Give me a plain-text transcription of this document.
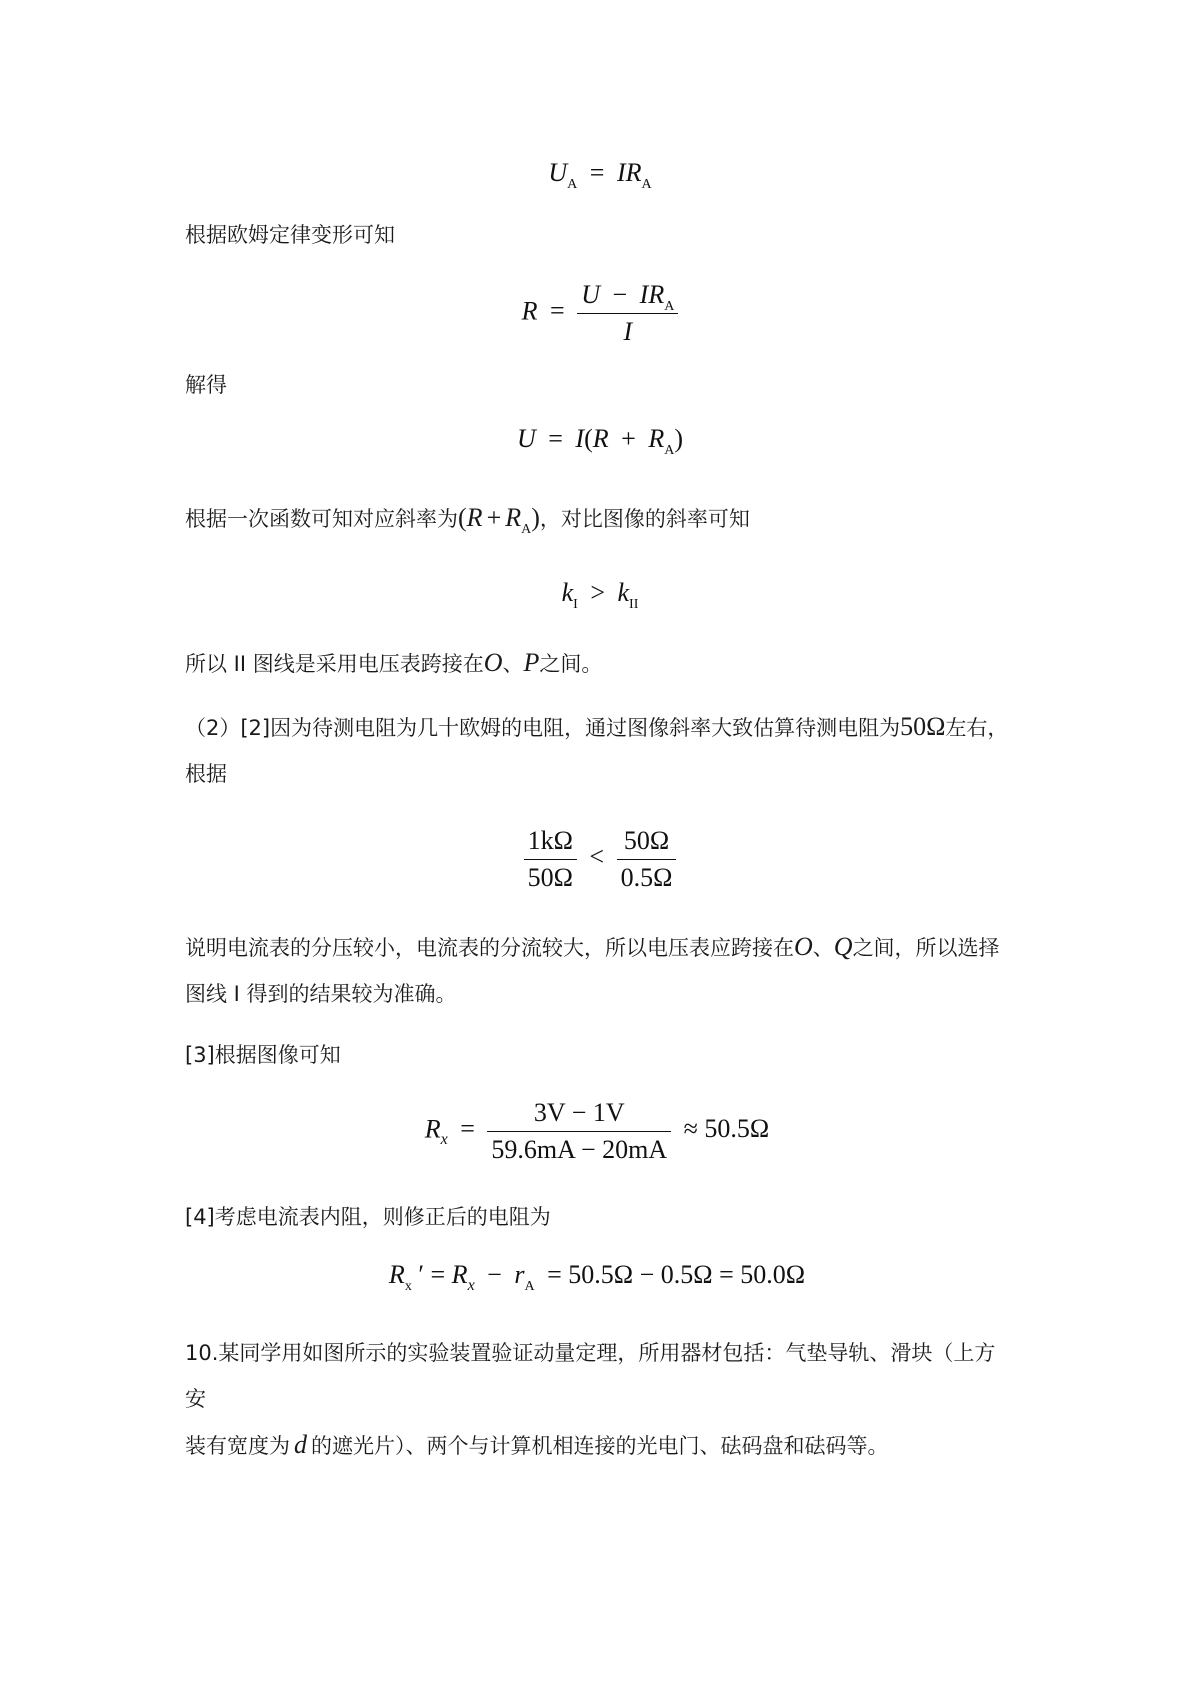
$U_A = IR_A$
根据欧姆定律变形可知
$R = \frac{U - IR_A}{I}$
解得
$U = I(R + R_A)$
根据一次函数可知对应斜率为$(R + R_A)$，对比图像的斜率可知
$k_I > k_{II}$
所以 II 图线是采用电压表跨接在O、P之间。
（2）[2]因为待测电阻为几十欧姆的电阻，通过图像斜率大致估算待测电阻为50Ω左右，
根据
$\frac{1k\Omega}{50\Omega} < \frac{50\Omega}{0.5\Omega}$
说明电流表的分压较小，电流表的分流较大，所以电压表应跨接在O、Q之间，所以选择
图线 I 得到的结果较为准确。
[3]根据图像可知
$R_x = \frac{3V - 1V}{59.6mA - 20mA} \approx 50.5\Omega$
[4]考虑电流表内阻，则修正后的电阻为
$R_x$ ′ = $R_x - r_A = 50.5\Omega - 0.5\Omega = 50.0\Omega$
10.某同学用如图所示的实验装置验证动量定理，所用器材包括：气垫导轨、滑块（上方安
装有宽度为 d 的遮光片）、两个与计算机相连接的光电门、砝码盘和砝码等。
